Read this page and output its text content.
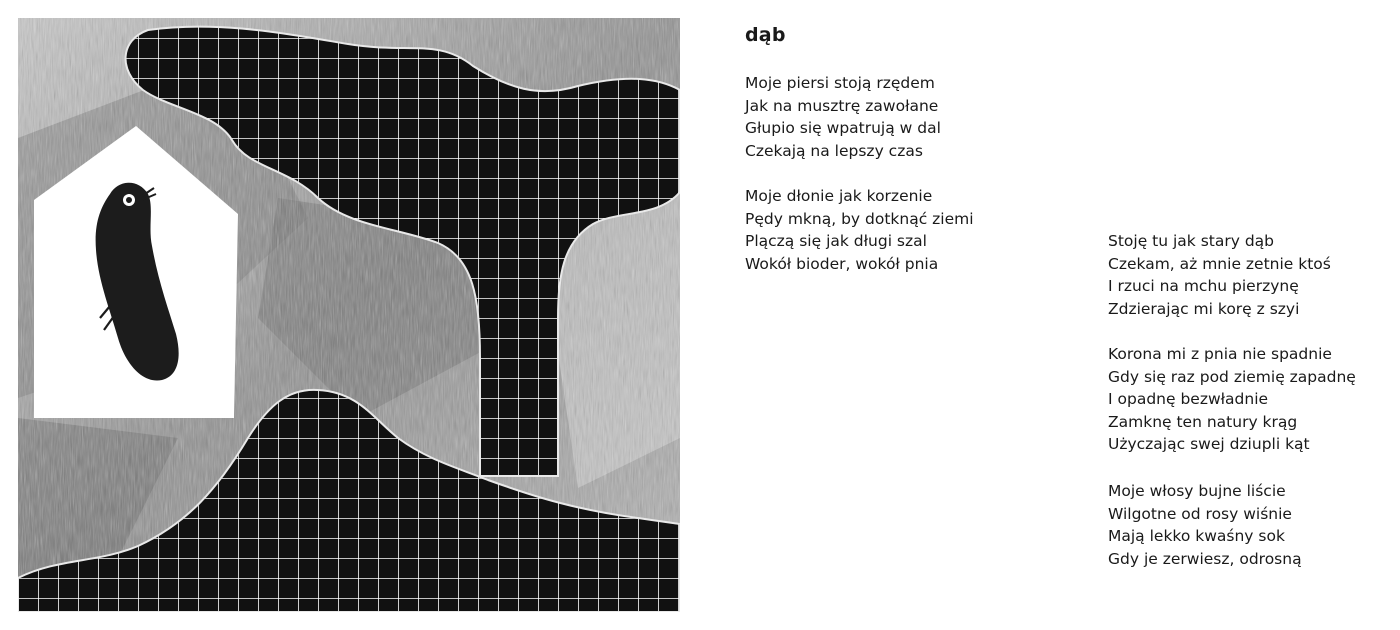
dąb

Moje piersi stoją rzędem
Jak na musztrę zawołane
Głupio się wpatrują w dal
Czekają na lepszy czas

Moje dłonie jak korzenie
Pędy mkną, by dotknąć ziemi
Plączą się jak długi szal
Wokół bioder, wokół pnia

Stoję tu jak stary dąb
Czekam, aż mnie zetnie ktoś
I rzuci na mchu pierzynę
Zdzierając mi korę z szyi

Korona mi z pnia nie spadnie
Gdy się raz pod ziemię zapadnę
I opadnę bezwładnie
Zamknę ten natury krąg
Użyczając swej dziupli kąt

Moje włosy bujne liście
Wilgotne od rosy wiśnie
Mają lekko kwaśny sok
Gdy je zerwiesz, odrosną
